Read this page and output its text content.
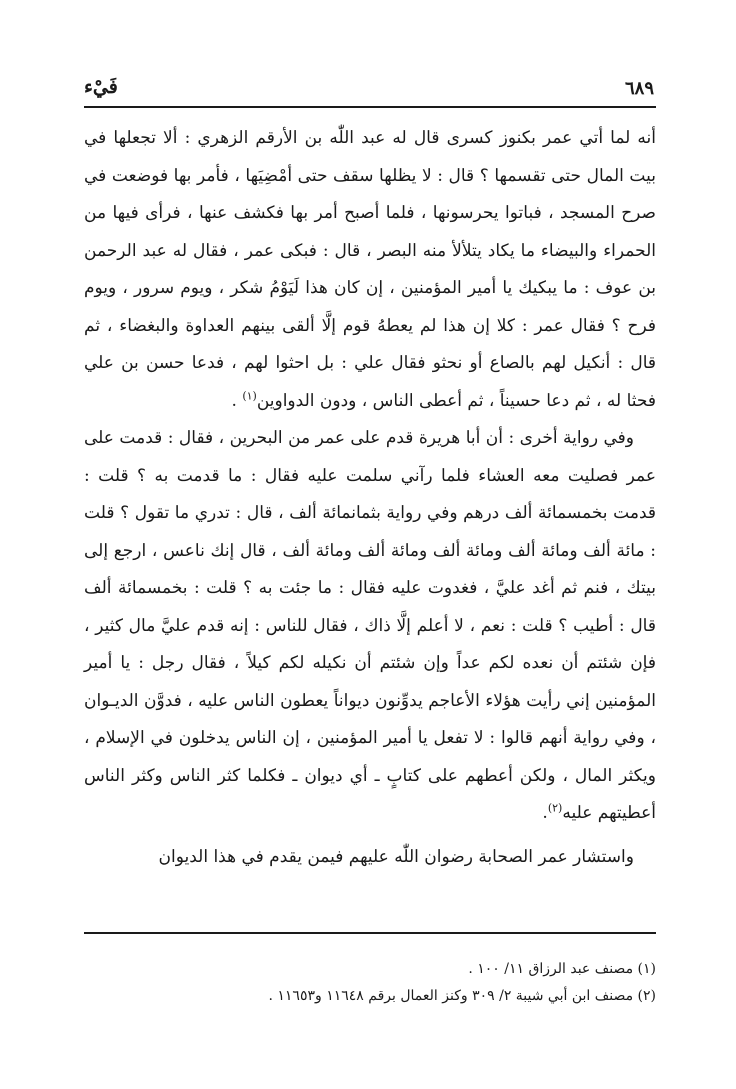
٦٨٩
فَيْء

أنه لما أتي عمر بكنوز كسرى قال له عبد اللّٰه بن الأرقم الزهري : ألا تجعلها في بيت المال حتى تقسمها ؟ قال : لا يظلها سقف حتى أمْضِيَها ، فأمر بها فوضعت في صرح المسجد ، فباتوا يحرسونها ، فلما أصبح أمر بها فكشف عنها ، فرأى فيها من الحمراء والبيضاء ما يكاد يتلألأ منه البصر ، قال : فبكى عمر ، فقال له عبد الرحمن بن عوف : ما يبكيك يا أمير المؤمنين ، إن كان هذا لَيَوْمُ شكر ، ويوم سرور ، ويوم فرح ؟ فقال عمر : كلا إن هذا لم يعطهُ قوم إلَّا ألقى بينهم العداوة والبغضاء ، ثم قال : أنكيل لهم بالصاع أو نحثو فقال علي : بل احثوا لهم ، فدعا حسن بن علي فحثا له ، ثم دعا حسيناً ، ثم أعطى الناس ، ودون الدواوين$^{(١)}$ .

وفي رواية أخرى : أن أبا هريرة قدم على عمر من البحرين ، فقال : قدمت على عمر فصليت معه العشاء فلما رآني سلمت عليه فقال : ما قدمت به ؟ قلت : قدمت بخمسمائة ألف درهم وفي رواية بثمانمائة ألف ، قال : تدري ما تقول ؟ قلت : مائة ألف ومائة ألف ومائة ألف ومائة ألف ومائة ألف ، قال إنك ناعس ، ارجع إلى بيتك ، فنم ثم أغد عليَّ ، فغدوت عليه فقال : ما جئت به ؟ قلت : بخمسمائة ألف قال : أطيب ؟ قلت : نعم ، لا أعلم إلَّا ذاك ، فقال للناس : إنه قدم عليَّ مال كثير ، فإن شئتم أن نعده لكم عداً وإن شئتم أن نكيله لكم كيلاً ، فقال رجل : يا أمير المؤمنين إني رأيت هؤلاء الأعاجم يدوِّنون ديواناً يعطون الناس عليه ، فدوَّن الديـوان ، وفي رواية أنهم قالوا : لا تفعل يا أمير المؤمنين ، إن الناس يدخلون في الإسلام ، ويكثر المال ، ولكن أعطهم على كتابٍ ـ أي ديوان ـ فكلما كثر الناس وكثر الناس أعطيتهم عليه$^{(٢)}$.

واستشار عمر الصحابة رضوان اللّٰه عليهم فيمن يقدم في هذا الديوان

(١) مصنف عبد الرزاق ١١/ ١٠٠ .

(٢) مصنف ابن أبي شيبة ٢/ ٣٠٩ وكنز العمال برقم ١١٦٤٨ و١١٦٥٣ .
